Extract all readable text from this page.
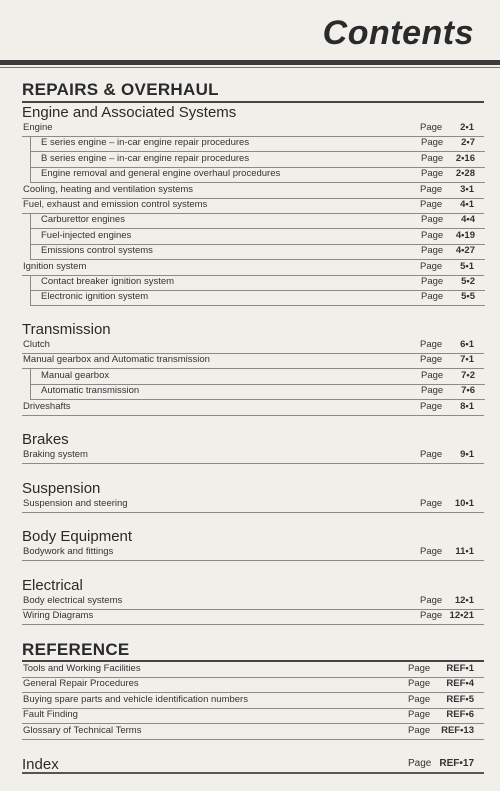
Contents
REPAIRS & OVERHAUL
Engine and Associated Systems
Engine	Page 2•1
E series engine – in-car engine repair procedures	Page 2•7
B series engine – in-car engine repair procedures	Page 2•16
Engine removal and general engine overhaul procedures	Page 2•28
Cooling, heating and ventilation systems	Page 3•1
Fuel, exhaust and emission control systems	Page 4•1
Carburettor engines	Page 4•4
Fuel-injected engines	Page 4•19
Emissions control systems	Page 4•27
Ignition system	Page 5•1
Contact breaker ignition system	Page 5•2
Electronic ignition system	Page 5•5
Transmission
Clutch	Page 6•1
Manual gearbox and Automatic transmission	Page 7•1
Manual gearbox	Page 7•2
Automatic transmission	Page 7•6
Driveshafts	Page 8•1
Brakes
Braking system	Page 9•1
Suspension
Suspension and steering	Page 10•1
Body Equipment
Bodywork and fittings	Page 11•1
Electrical
Body electrical systems	Page 12•1
Wiring Diagrams	Page 12•21
REFERENCE
Tools and Working Facilities	Page REF•1
General Repair Procedures	Page REF•4
Buying spare parts and vehicle identification numbers	Page REF•5
Fault Finding	Page REF•6
Glossary of Technical Terms	Page REF•13
Index	Page REF•17
